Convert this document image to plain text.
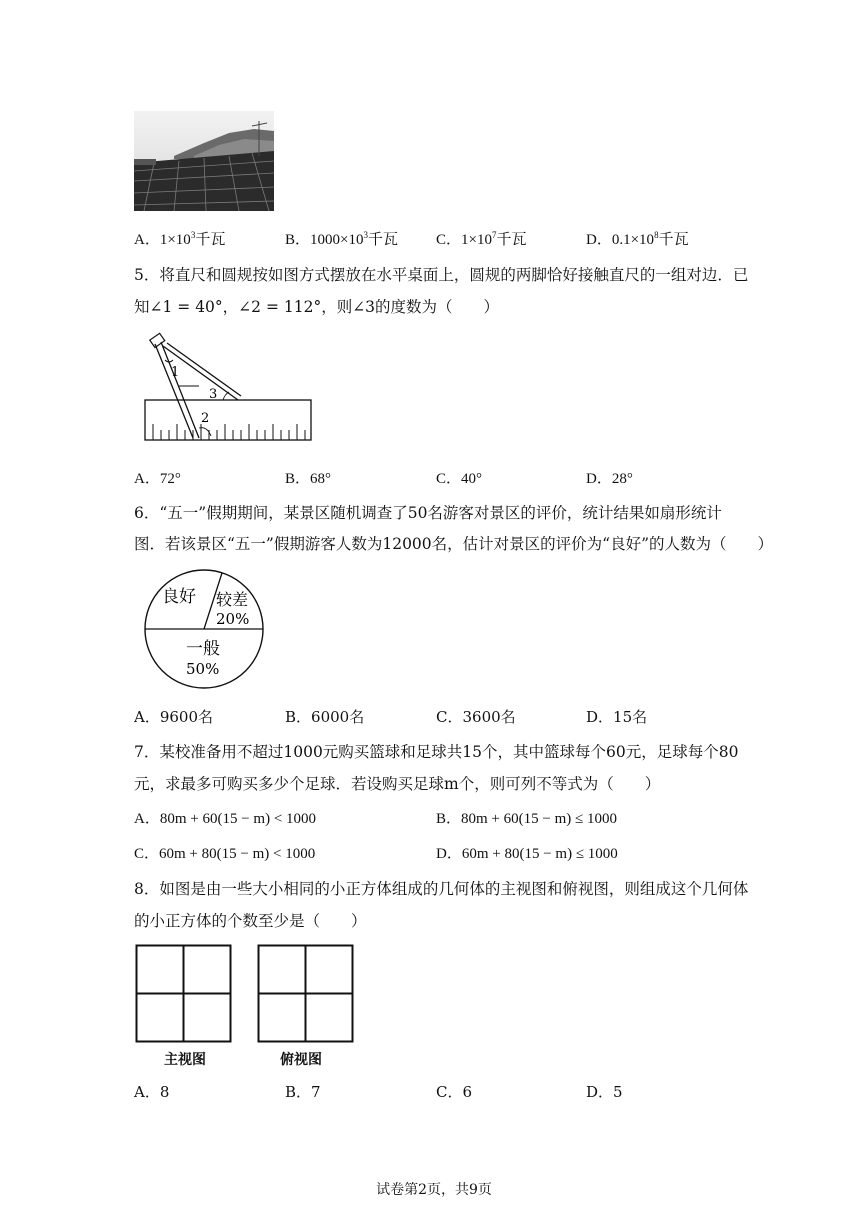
A．$1\times 10^3$千瓦	B．$1000\times 10^3$千瓦	C．$1\times 10^7$千瓦	D．$0.1\times 10^8$千瓦
5．将直尺和圆规按如图方式摆放在水平桌面上，圆规的两脚恰好接触直尺的一组对边．已
知∠1 = 40°，∠2 = 112°，则∠3的度数为（　　）
1
3
2
A．72°	B．68°	C．40°	D．28°
6．“五一”假期期间，某景区随机调查了50名游客对景区的评价，统计结果如扇形统计
图．若该景区“五一”假期游客人数为12000名，估计对景区的评价为“良好”的人数为（　　）
良好 较差
20%
一般
50%
A．9600名	B．6000名	C．3600名	D．15名
7．某校准备用不超过1000元购买篮球和足球共15个，其中篮球每个60元，足球每个80
元，求最多可购买多少个足球．若设购买足球m个，则可列不等式为（　　）
A．80m + 60(15 − m) < 1000	B．80m + 60(15 − m) ≤ 1000
C．60m + 80(15 − m) < 1000	D．60m + 80(15 − m) ≤ 1000
8．如图是由一些大小相同的小正方体组成的几何体的主视图和俯视图，则组成这个几何体
的小正方体的个数至少是（　　）
主视图	俯视图
A．8	B．7	C．6	D．5
试卷第2页，共9页
